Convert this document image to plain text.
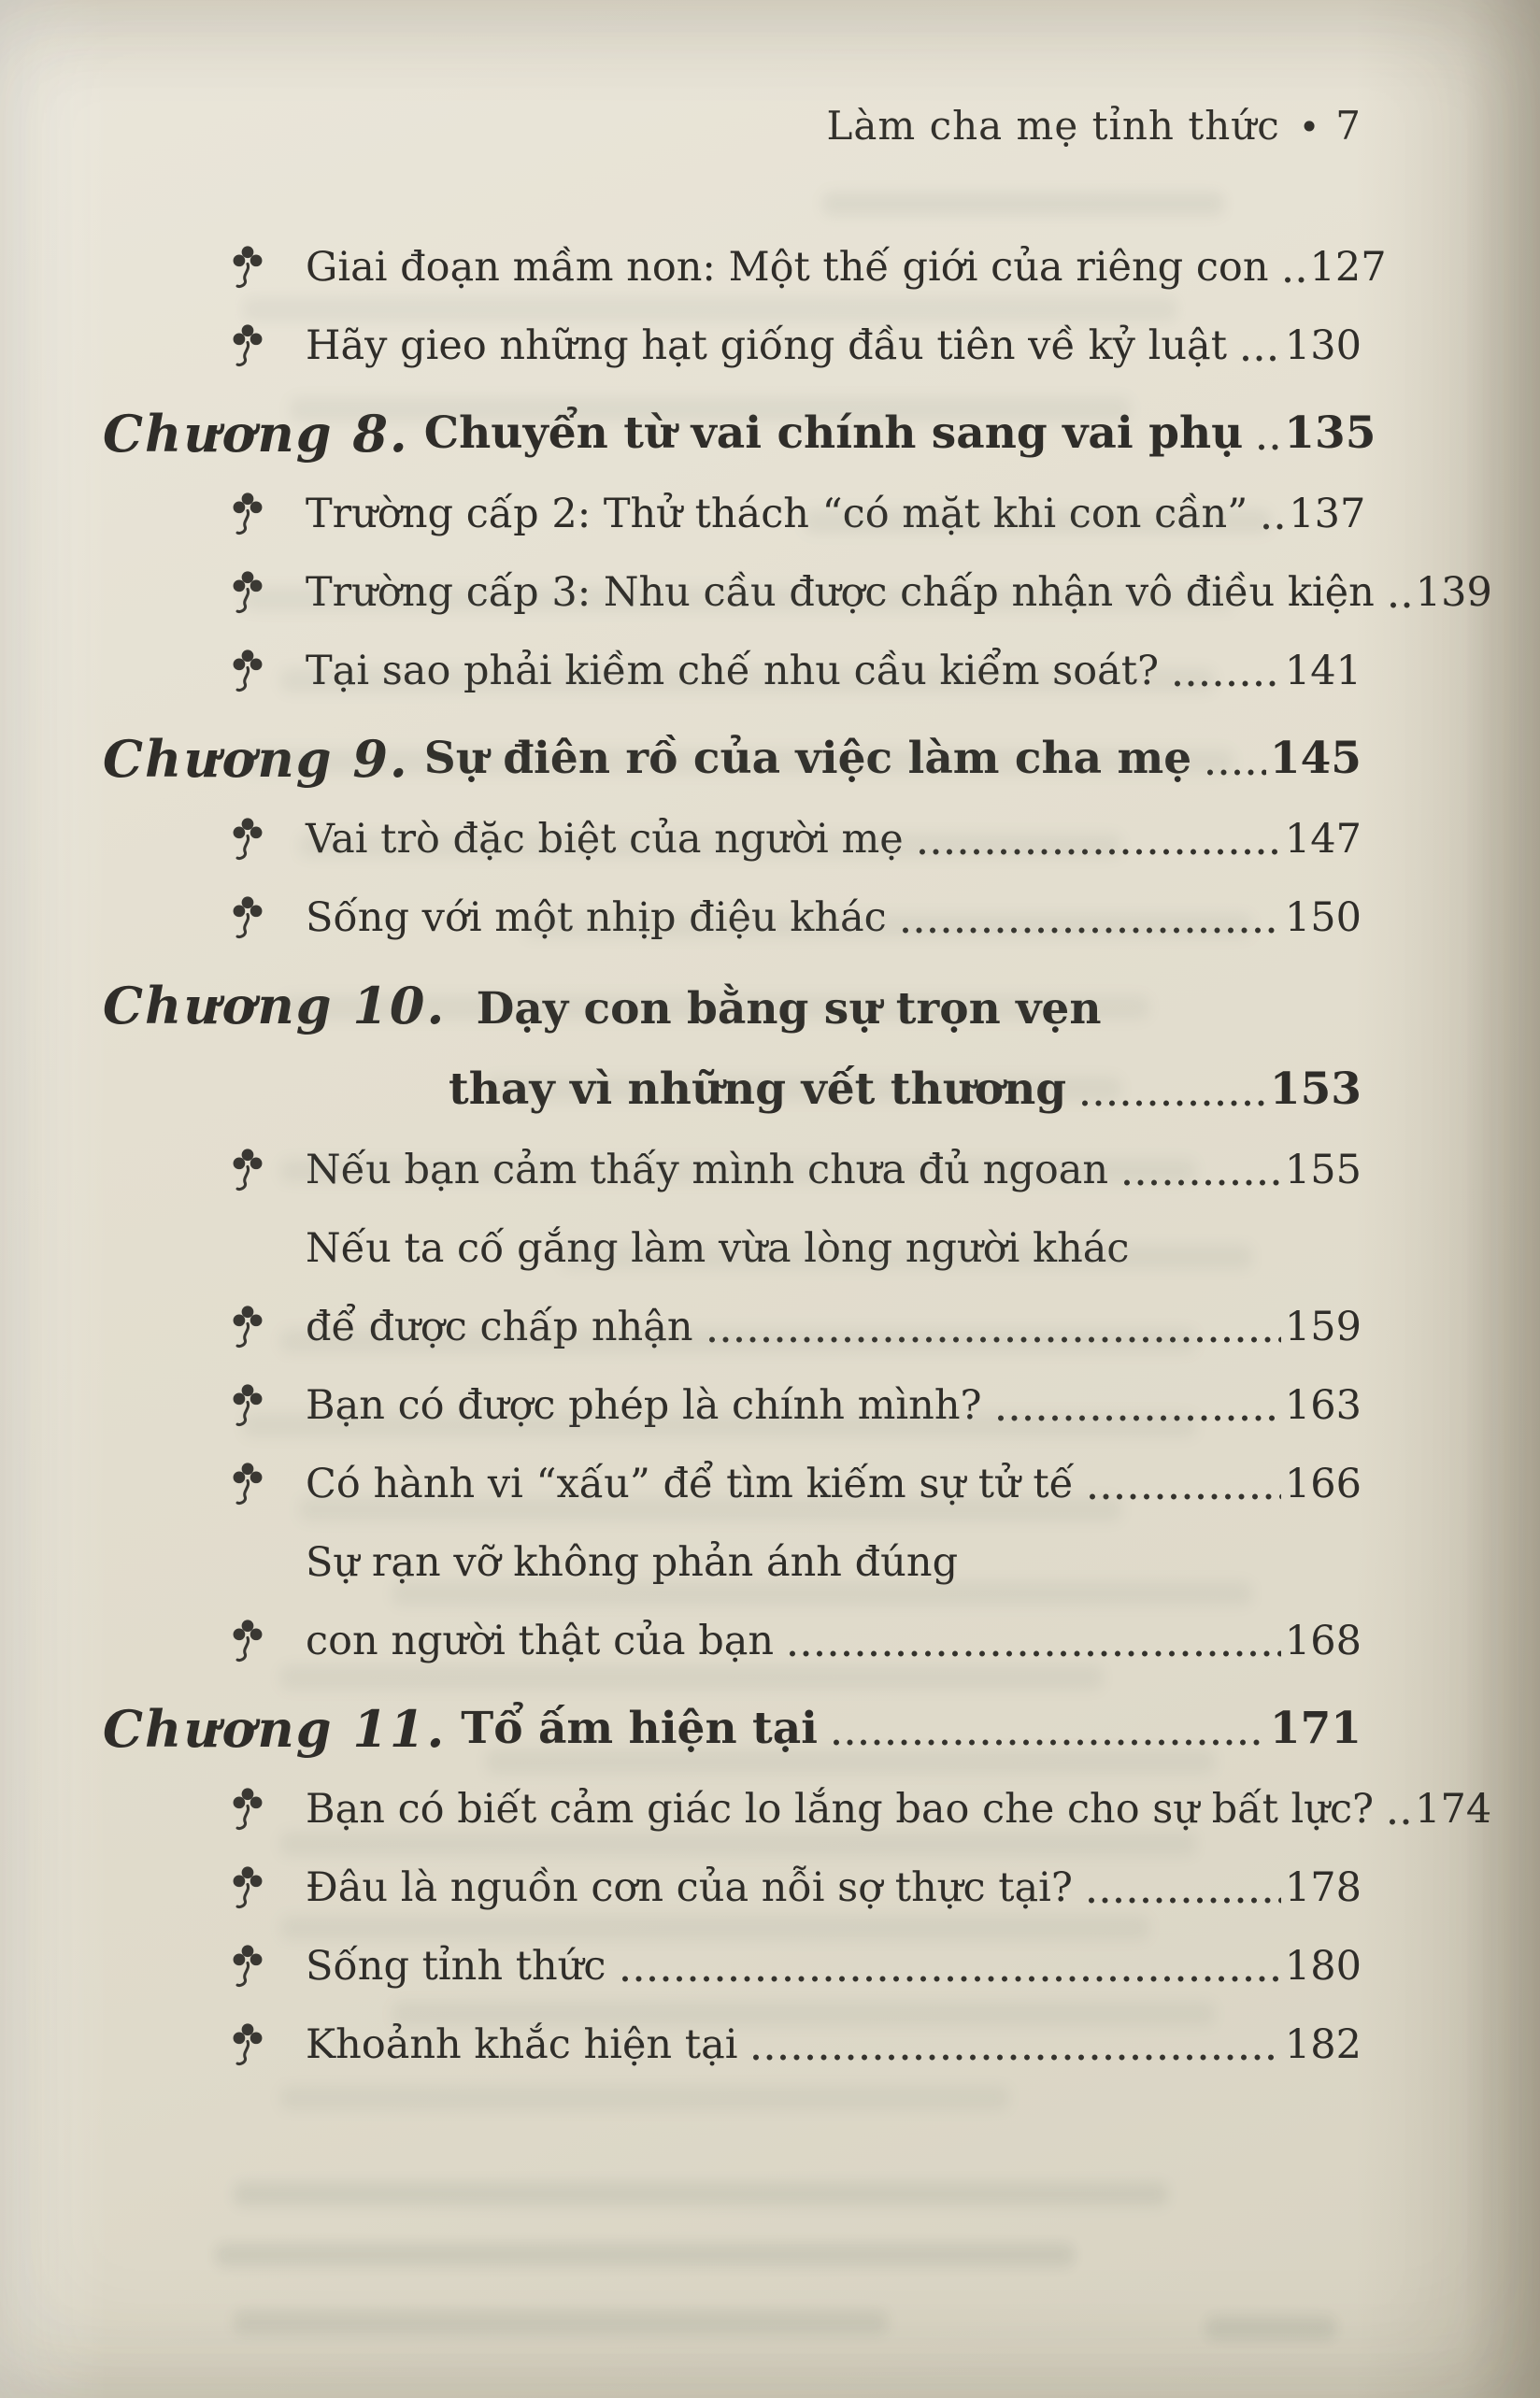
Làm cha mẹ tỉnh thức • 7
Giai đoạn mầm non: Một thế giới của riêng con 127
Hãy gieo những hạt giống đầu tiên về kỷ luật 130
Chương 8. Chuyển từ vai chính sang vai phụ 135
Trường cấp 2: Thử thách “có mặt khi con cần” 137
Trường cấp 3: Nhu cầu được chấp nhận vô điều kiện 139
Tại sao phải kiềm chế nhu cầu kiểm soát?	141
Chương 9. Sự điên rồ của việc làm cha mẹ 145
Vai trò đặc biệt của người mẹ	147
Sống với một nhịp điệu khác	150
Chương 10. Dạy con bằng sự trọn vẹn
thay vì những vết thương	153
Nếu bạn cảm thấy mình chưa đủ ngoan	155
Nếu ta cố gắng làm vừa lòng người khác
để được chấp nhận	159
Bạn có được phép là chính mình?	163
Có hành vi “xấu” để tìm kiếm sự tử tế	166
Sự rạn vỡ không phản ánh đúng
con người thật của bạn	168
Chương 11. Tổ ấm hiện tại	171
Bạn có biết cảm giác lo lắng bao che cho sự bất lực? 174
Đâu là nguồn cơn của nỗi sợ thực tại?	178
Sống tỉnh thức	180
Khoảnh khắc hiện tại	182
